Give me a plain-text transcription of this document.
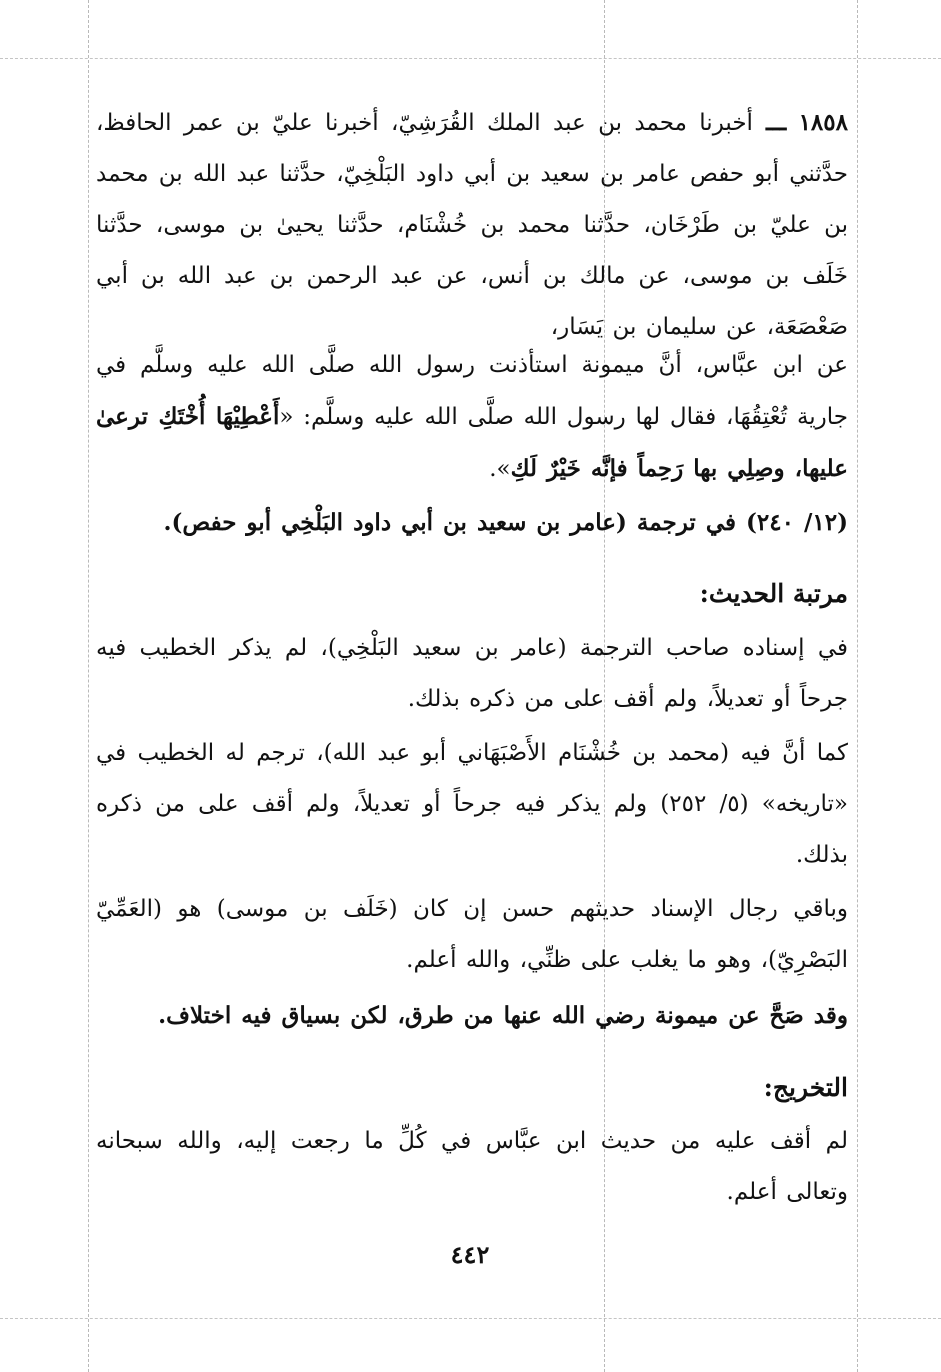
١٨٥٨ ـــ أخبرنا محمد بن عبد الملك القُرَشِيّ، أخبرنا عليّ بن عمر الحافظ، حدَّثني أبو حفص عامر بن سعيد بن أبي داود البَلْخِيّ، حدَّثنا عبد الله بن محمد بن عليّ بن طَرْخَان، حدَّثنا محمد بن خُشْنَام، حدَّثنا يحيىٰ بن موسى، حدَّثنا خَلَف بن موسى، عن مالك بن أنس، عن عبد الرحمن بن عبد الله بن أبي صَعْصَعَة، عن سليمان بن يَسَار،
عن ابن عبَّاس، أنَّ ميمونة استأذنت رسول الله صلَّى الله عليه وسلَّم في جارية تُعْتِقُهَا، فقال لها رسول الله صلَّى الله عليه وسلَّم: «أَعْطِيْهَا أُخْتَكِ ترعىٰ عليها، وصِلِي بها رَحِماً فإنَّه خَيْرٌ لَكِ».
(١٢/ ٢٤٠) في ترجمة (عامر بن سعيد بن أبي داود البَلْخِي أبو حفص).
مرتبة الحديث:
في إسناده صاحب الترجمة (عامر بن سعيد البَلْخِي)، لم يذكر الخطيب فيه جرحاً أو تعديلاً، ولم أقف على من ذكره بذلك.
كما أنَّ فيه (محمد بن خُشْنَام الأَصْبَهَاني أبو عبد الله)، ترجم له الخطيب في «تاريخه» (٥/ ٢٥٢) ولم يذكر فيه جرحاً أو تعديلاً، ولم أقف على من ذكره بذلك.
وباقي رجال الإسناد حديثهم حسن إن كان (خَلَف بن موسى) هو (العَمِّيّ البَصْرِيّ)، وهو ما يغلب على ظنِّي، والله أعلم.
وقد صَحَّ عن ميمونة رضي الله عنها من طرق، لكن بسياق فيه اختلاف.
التخريج:
لم أقف عليه من حديث ابن عبَّاس في كُلِّ ما رجعت إليه، والله سبحانه وتعالى أعلم.
٤٤٢
